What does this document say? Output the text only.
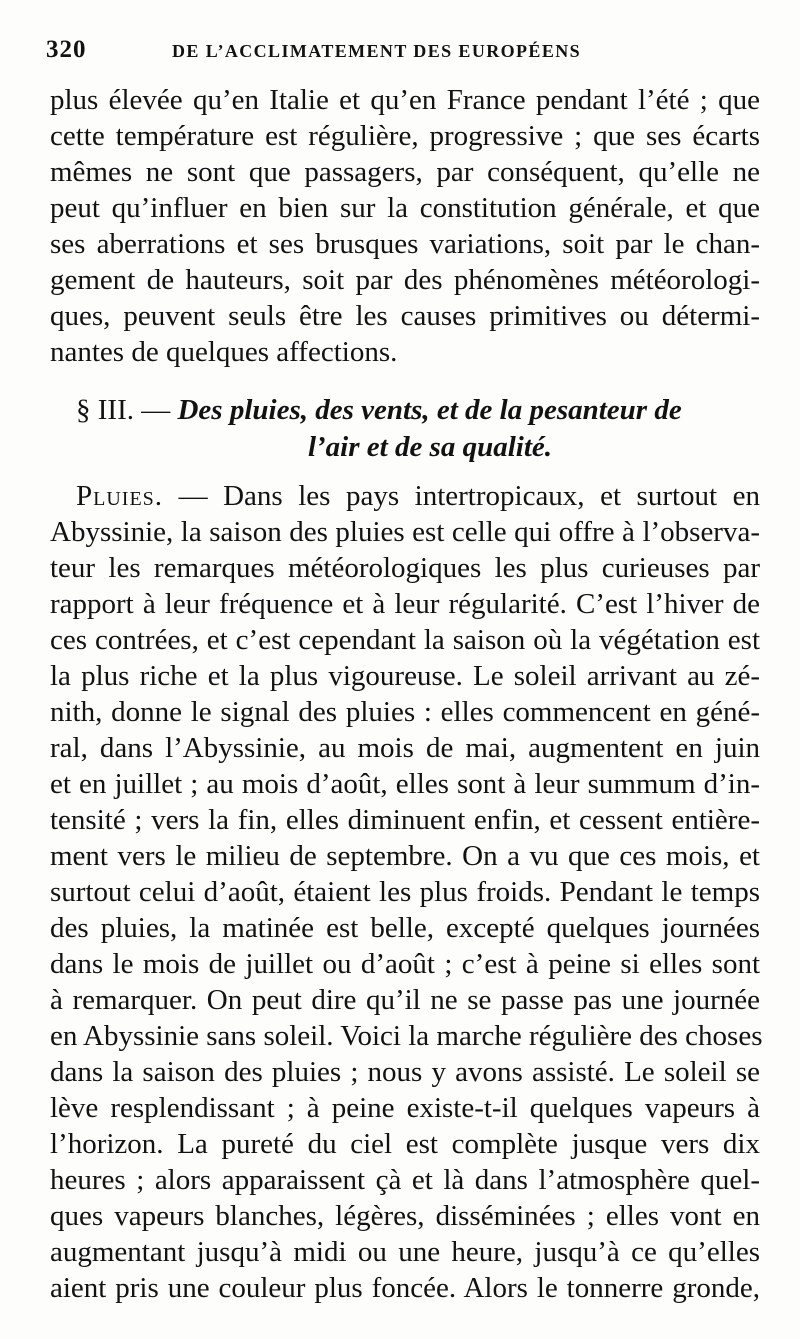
320	DE L’ACCLIMATEMENT DES EUROPÉENS
plus élevée qu’en Italie et qu’en France pendant l’été ; que
cette température est régulière, progressive ; que ses écarts
mêmes ne sont que passagers, par conséquent, qu’elle ne
peut qu’influer en bien sur la constitution générale, et que
ses aberrations et ses brusques variations, soit par le chan-
gement de hauteurs, soit par des phénomènes météorologi-
ques, peuvent seuls être les causes primitives ou détermi-
nantes de quelques affections.
§ III. — Des pluies, des vents, et de la pesanteur de
l’air et de sa qualité.
Pluies. — Dans les pays intertropicaux, et surtout en
Abyssinie, la saison des pluies est celle qui offre à l’observa-
teur les remarques météorologiques les plus curieuses par
rapport à leur fréquence et à leur régularité. C’est l’hiver de
ces contrées, et c’est cependant la saison où la végétation est
la plus riche et la plus vigoureuse. Le soleil arrivant au zé-
nith, donne le signal des pluies : elles commencent en géné-
ral, dans l’Abyssinie, au mois de mai, augmentent en juin
et en juillet ; au mois d’août, elles sont à leur summum d’in-
tensité ; vers la fin, elles diminuent enfin, et cessent entière-
ment vers le milieu de septembre. On a vu que ces mois, et
surtout celui d’août, étaient les plus froids. Pendant le temps
des pluies, la matinée est belle, excepté quelques journées
dans le mois de juillet ou d’août ; c’est à peine si elles sont
à remarquer. On peut dire qu’il ne se passe pas une journée
en Abyssinie sans soleil. Voici la marche régulière des choses
dans la saison des pluies ; nous y avons assisté. Le soleil se
lève resplendissant ; à peine existe-t-il quelques vapeurs à
l’horizon. La pureté du ciel est complète jusque vers dix
heures ; alors apparaissent çà et là dans l’atmosphère quel-
ques vapeurs blanches, légères, disséminées ; elles vont en
augmentant jusqu’à midi ou une heure, jusqu’à ce qu’elles
aient pris une couleur plus foncée. Alors le tonnerre gronde,
